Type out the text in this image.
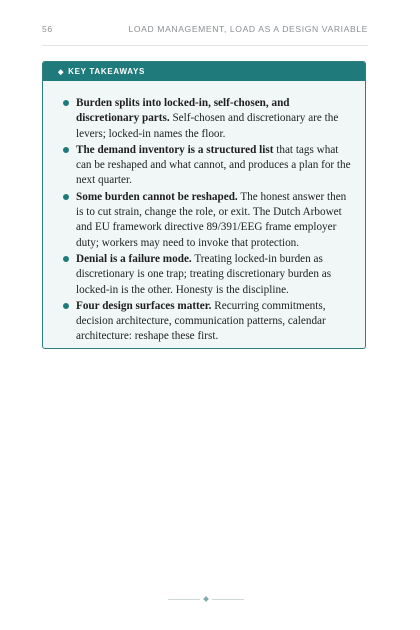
56	LOAD MANAGEMENT, LOAD AS A DESIGN VARIABLE
◆ KEY TAKEAWAYS
Burden splits into locked-in, self-chosen, and discretionary parts. Self-chosen and discretionary are the levers; locked-in names the floor.
The demand inventory is a structured list that tags what can be reshaped and what cannot, and produces a plan for the next quarter.
Some burden cannot be reshaped. The honest answer then is to cut strain, change the role, or exit. The Dutch Arbowet and EU framework directive 89/391/EEG frame employer duty; workers may need to invoke that protection.
Denial is a failure mode. Treating locked-in burden as discretionary is one trap; treating discretionary burden as locked-in is the other. Honesty is the discipline.
Four design surfaces matter. Recurring commitments, decision architecture, communication patterns, calendar architecture: reshape these first.
